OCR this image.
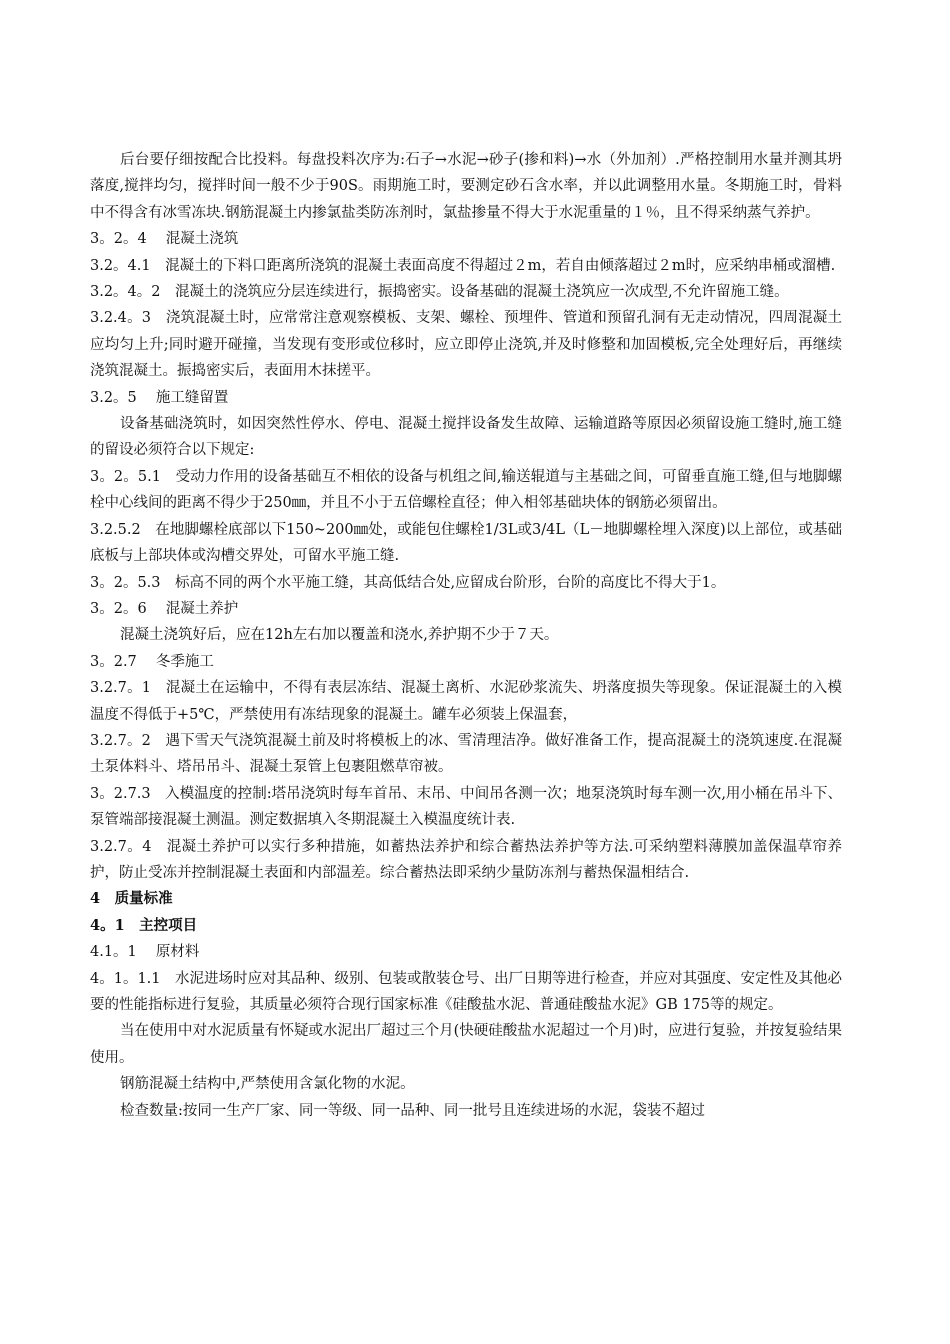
后台要仔细按配合比投料。每盘投料次序为:石子→水泥→砂子(掺和料)→水（外加剂）.严格控制用水量并测其坍落度,搅拌均匀，搅拌时间一般不少于90S。雨期施工时，要测定砂石含水率，并以此调整用水量。冬期施工时，骨料中不得含有冰雪冻块.钢筋混凝土内掺氯盐类防冻剂时，氯盐掺量不得大于水泥重量的１％，且不得采纳蒸气养护。

3。2。4　 混凝土浇筑

3.2。4.1　混凝土的下料口距离所浇筑的混凝土表面高度不得超过２m，若自由倾落超过２m时，应采纳串桶或溜槽.

3.2。4。2　混凝土的浇筑应分层连续进行，振捣密实。设备基础的混凝土浇筑应一次成型,不允许留施工缝。

3.2.4。3　浇筑混凝土时，应常常注意观察模板、支架、螺栓、预埋件、管道和预留孔洞有无走动情况，四周混凝土应均匀上升;同时避开碰撞，当发现有变形或位移时，应立即停止浇筑,并及时修整和加固模板,完全处理好后，再继续浇筑混凝土。振捣密实后，表面用木抹搓平。

3.2。5　 施工缝留置

设备基础浇筑时，如因突然性停水、停电、混凝土搅拌设备发生故障、运输道路等原因必须留设施工缝时,施工缝的留设必须符合以下规定:

3。2。5.1　受动力作用的设备基础互不相依的设备与机组之间,输送辊道与主基础之间，可留垂直施工缝,但与地脚螺栓中心线间的距离不得少于250㎜，并且不小于五倍螺栓直径；伸入相邻基础块体的钢筋必须留出。

3.2.5.2　在地脚螺栓底部以下150~200㎜处，或能包住螺栓1/3L或3/4L（L－地脚螺栓埋入深度)以上部位，或基础底板与上部块体或沟槽交界处，可留水平施工缝.

3。2。5.3　标高不同的两个水平施工缝，其高低结合处,应留成台阶形，台阶的高度比不得大于1。

3。2。6　 混凝土养护

混凝土浇筑好后，应在12h左右加以覆盖和浇水,养护期不少于７天。

3。2.7　 冬季施工

3.2.7。1　混凝土在运输中，不得有表层冻结、混凝土离析、水泥砂浆流失、坍落度损失等现象。保证混凝土的入模温度不得低于+5℃，严禁使用有冻结现象的混凝土。罐车必须装上保温套，

3.2.7。2　遇下雪天气浇筑混凝土前及时将模板上的冰、雪清理洁净。做好准备工作，提高混凝土的浇筑速度.在混凝土泵体料斗、塔吊吊斗、混凝土泵管上包裹阻燃草帘被。

3。2.7.3　入模温度的控制:塔吊浇筑时每车首吊、末吊、中间吊各测一次；地泵浇筑时每车测一次,用小桶在吊斗下、泵管端部接混凝土测温。测定数据填入冬期混凝土入模温度统计表.

3.2.7。4　混凝土养护可以实行多种措施，如蓄热法养护和综合蓄热法养护等方法.可采纳塑料薄膜加盖保温草帘养护，防止受冻并控制混凝土表面和内部温差。综合蓄热法即采纳少量防冻剂与蓄热保温相结合.

4　质量标准

4。1　主控项目

4.1。1　 原材料

4。1。1.1　水泥进场时应对其品种、级别、包装或散装仓号、出厂日期等进行检查，并应对其强度、安定性及其他必要的性能指标进行复验，其质量必须符合现行国家标准《硅酸盐水泥、普通硅酸盐水泥》GB 175等的规定。

当在使用中对水泥质量有怀疑或水泥出厂超过三个月(快硬硅酸盐水泥超过一个月)时，应进行复验，并按复验结果使用。

钢筋混凝土结构中,严禁使用含氯化物的水泥。

检查数量:按同一生产厂家、同一等级、同一品种、同一批号且连续进场的水泥，袋装不超过
